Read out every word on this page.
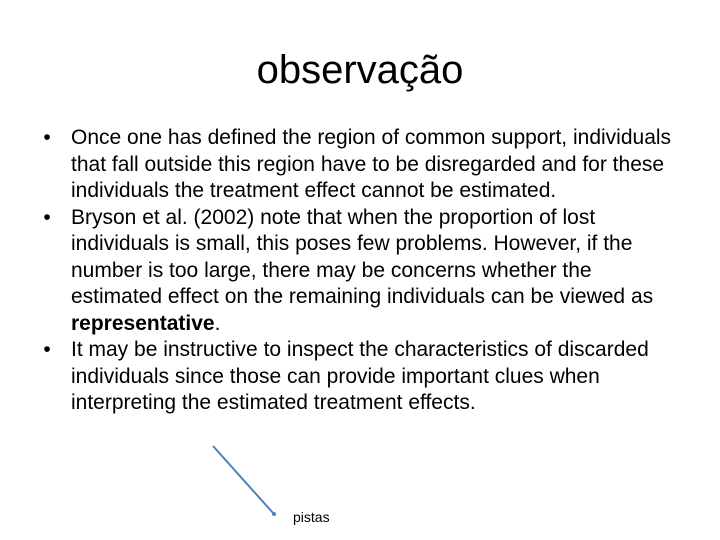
observação
• Once one has defined the region of common support, individuals that fall outside this region have to be disregarded and for these individuals the treatment effect cannot be estimated.
• Bryson et al. (2002) note that when the proportion of lost individuals is small, this poses few problems. However, if the number is too large, there may be concerns whether the estimated effect on the remaining individuals can be viewed as representative.
• It may be instructive to inspect the characteristics of discarded individuals since those can provide important clues when interpreting the estimated treatment effects.
pistas
